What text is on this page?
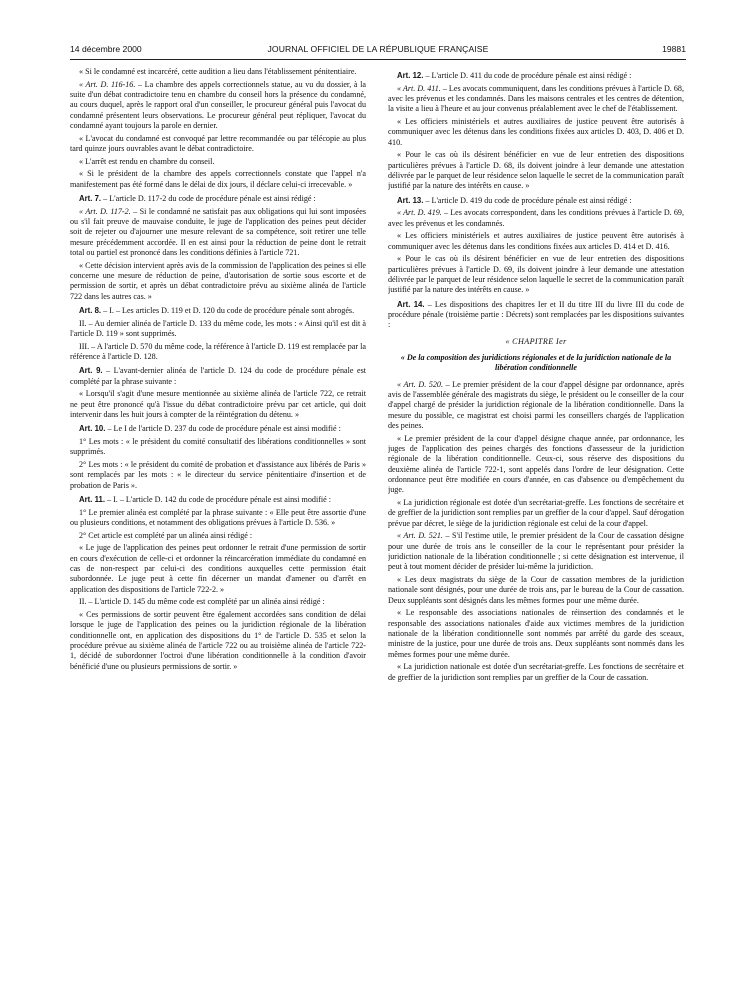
14 décembre 2000	JOURNAL OFFICIEL DE LA RÉPUBLIQUE FRANÇAISE	19881

« Si le condamné est incarcéré, cette audition a lieu dans l'établissement pénitentiaire.

« Art. D. 116-16. – La chambre des appels correctionnels statue, au vu du dossier, à la suite d'un débat contradictoire tenu en chambre du conseil hors la présence du condamné, au cours duquel, après le rapport oral d'un conseiller, le procureur général puis l'avocat du condamné présentent leurs observations. Le procureur général peut répliquer, l'avocat du condamné ayant toujours la parole en dernier.

« L'avocat du condamné est convoqué par lettre recommandée ou par télécopie au plus tard quinze jours ouvrables avant le débat contradictoire.

« L'arrêt est rendu en chambre du conseil.

« Si le président de la chambre des appels correctionnels constate que l'appel n'a manifestement pas été formé dans le délai de dix jours, il déclare celui-ci irrecevable. »

Art. 7. – L'article D. 117-2 du code de procédure pénale est ainsi rédigé :

« Art. D. 117-2. – Si le condamné ne satisfait pas aux obligations qui lui sont imposées ou s'il fait preuve de mauvaise conduite, le juge de l'application des peines peut décider soit de rejeter ou d'ajourner une mesure relevant de sa compétence, soit retirer une telle mesure précédemment accordée. Il en est ainsi pour la réduction de peine dont le retrait total ou partiel est prononcé dans les conditions définies à l'article 721.

« Cette décision intervient après avis de la commission de l'application des peines si elle concerne une mesure de réduction de peine, d'autorisation de sortie sous escorte et de permission de sortir, et après un débat contradictoire prévu au sixième alinéa de l'article 722 dans les autres cas. »

Art. 8. – I. – Les articles D. 119 et D. 120 du code de procédure pénale sont abrogés.

II. – Au dernier alinéa de l'article D. 133 du même code, les mots : « Ainsi qu'il est dit à l'article D. 119 » sont supprimés.

III. – A l'article D. 570 du même code, la référence à l'article D. 119 est remplacée par la référence à l'article D. 128.

Art. 9. – L'avant-dernier alinéa de l'article D. 124 du code de procédure pénale est complété par la phrase suivante :

« Lorsqu'il s'agit d'une mesure mentionnée au sixième alinéa de l'article 722, ce retrait ne peut être prononcé qu'à l'issue du débat contradictoire prévu par cet article, qui doit intervenir dans les huit jours à compter de la réintégration du détenu. »

Art. 10. – Le I de l'article D. 237 du code de procédure pénale est ainsi modifié :

1° Les mots : « le président du comité consultatif des libérations conditionnelles » sont supprimés.

2° Les mots : « le président du comité de probation et d'assistance aux libérés de Paris » sont remplacés par les mots : « le directeur du service pénitentiaire d'insertion et de probation de Paris ».

Art. 11. – I. – L'article D. 142 du code de procédure pénale est ainsi modifié :

1° Le premier alinéa est complété par la phrase suivante : « Elle peut être assortie d'une ou plusieurs conditions, et notamment des obligations prévues à l'article D. 536. »

2° Cet article est complété par un alinéa ainsi rédigé :

« Le juge de l'application des peines peut ordonner le retrait d'une permission de sortir en cours d'exécution de celle-ci et ordonner la réincarcération immédiate du condamné en cas de non-respect par celui-ci des conditions auxquelles cette permission était subordonnée. Le juge peut à cette fin décerner un mandat d'amener ou d'arrêt en application des dispositions de l'article 722-2. »

II. – L'article D. 145 du même code est complété par un alinéa ainsi rédigé :

« Ces permissions de sortir peuvent être également accordées sans condition de délai lorsque le juge de l'application des peines ou la juridiction régionale de la libération conditionnelle ont, en application des dispositions du 1° de l'article D. 535 et selon la procédure prévue au sixième alinéa de l'article 722 ou au troisième alinéa de l'article 722-1, décidé de subordonner l'octroi d'une libération conditionnelle à la condition d'avoir bénéficié d'une ou plusieurs permissions de sortir. »

Art. 12. – L'article D. 411 du code de procédure pénale est ainsi rédigé :

« Art. D. 411. – Les avocats communiquent, dans les conditions prévues à l'article D. 68, avec les prévenus et les condamnés. Dans les maisons centrales et les centres de détention, la visite a lieu à l'heure et au jour convenus préalablement avec le chef de l'établissement.

« Les officiers ministériels et autres auxiliaires de justice peuvent être autorisés à communiquer avec les détenus dans les conditions fixées aux articles D. 403, D. 406 et D. 410.

« Pour le cas où ils désirent bénéficier en vue de leur entretien des dispositions particulières prévues à l'article D. 68, ils doivent joindre à leur demande une attestation délivrée par le parquet de leur résidence selon laquelle le secret de la communication paraît justifié par la nature des intérêts en cause. »

Art. 13. – L'article D. 419 du code de procédure pénale est ainsi rédigé :

« Art. D. 419. – Les avocats correspondent, dans les conditions prévues à l'article D. 69, avec les prévenus et les condamnés.

« Les officiers ministériels et autres auxiliaires de justice peuvent être autorisés à communiquer avec les détenus dans les conditions fixées aux articles D. 414 et D. 416.

« Pour le cas où ils désirent bénéficier en vue de leur entretien des dispositions particulières prévues à l'article D. 69, ils doivent joindre à leur demande une attestation délivrée par le parquet de leur résidence selon laquelle le secret de la communication paraît justifié par la nature des intérêts en cause. »

Art. 14. – Les dispositions des chapitres Ier et II du titre III du livre III du code de procédure pénale (troisième partie : Décrets) sont remplacées par les dispositions suivantes :

« CHAPITRE Ier

« De la composition des juridictions régionales et de la juridiction nationale de la libération conditionnelle

« Art. D. 520. – Le premier président de la cour d'appel désigne par ordonnance, après avis de l'assemblée générale des magistrats du siège, le président ou le conseiller de la cour d'appel chargé de présider la juridiction régionale de la libération conditionnelle. Dans la mesure du possible, ce magistrat est choisi parmi les conseillers chargés de l'application des peines.

« Le premier président de la cour d'appel désigne chaque année, par ordonnance, les juges de l'application des peines chargés des fonctions d'assesseur de la juridiction régionale de la libération conditionnelle. Ceux-ci, sous réserve des dispositions du deuxième alinéa de l'article 722-1, sont appelés dans l'ordre de leur désignation. Cette ordonnance peut être modifiée en cours d'année, en cas d'absence ou d'empêchement du juge.

« La juridiction régionale est dotée d'un secrétariat-greffe. Les fonctions de secrétaire et de greffier de la juridiction sont remplies par un greffier de la cour d'appel. Sauf dérogation prévue par décret, le siège de la juridiction régionale est celui de la cour d'appel.

« Art. D. 521. – S'il l'estime utile, le premier président de la Cour de cassation désigne pour une durée de trois ans le conseiller de la cour le représentant pour présider la juridiction nationale de la libération conditionnelle ; si cette désignation est intervenue, il peut à tout moment décider de présider lui-même la juridiction.

« Les deux magistrats du siège de la Cour de cassation membres de la juridiction nationale sont désignés, pour une durée de trois ans, par le bureau de la Cour de cassation. Deux suppléants sont désignés dans les mêmes formes pour une même durée.

« Le responsable des associations nationales de réinsertion des condamnés et le responsable des associations nationales d'aide aux victimes membres de la juridiction nationale de la libération conditionnelle sont nommés par arrêté du garde des sceaux, ministre de la justice, pour une durée de trois ans. Deux suppléants sont nommés dans les mêmes formes pour une même durée.

« La juridiction nationale est dotée d'un secrétariat-greffe. Les fonctions de secrétaire et de greffier de la juridiction sont remplies par un greffier de la Cour de cassation.
